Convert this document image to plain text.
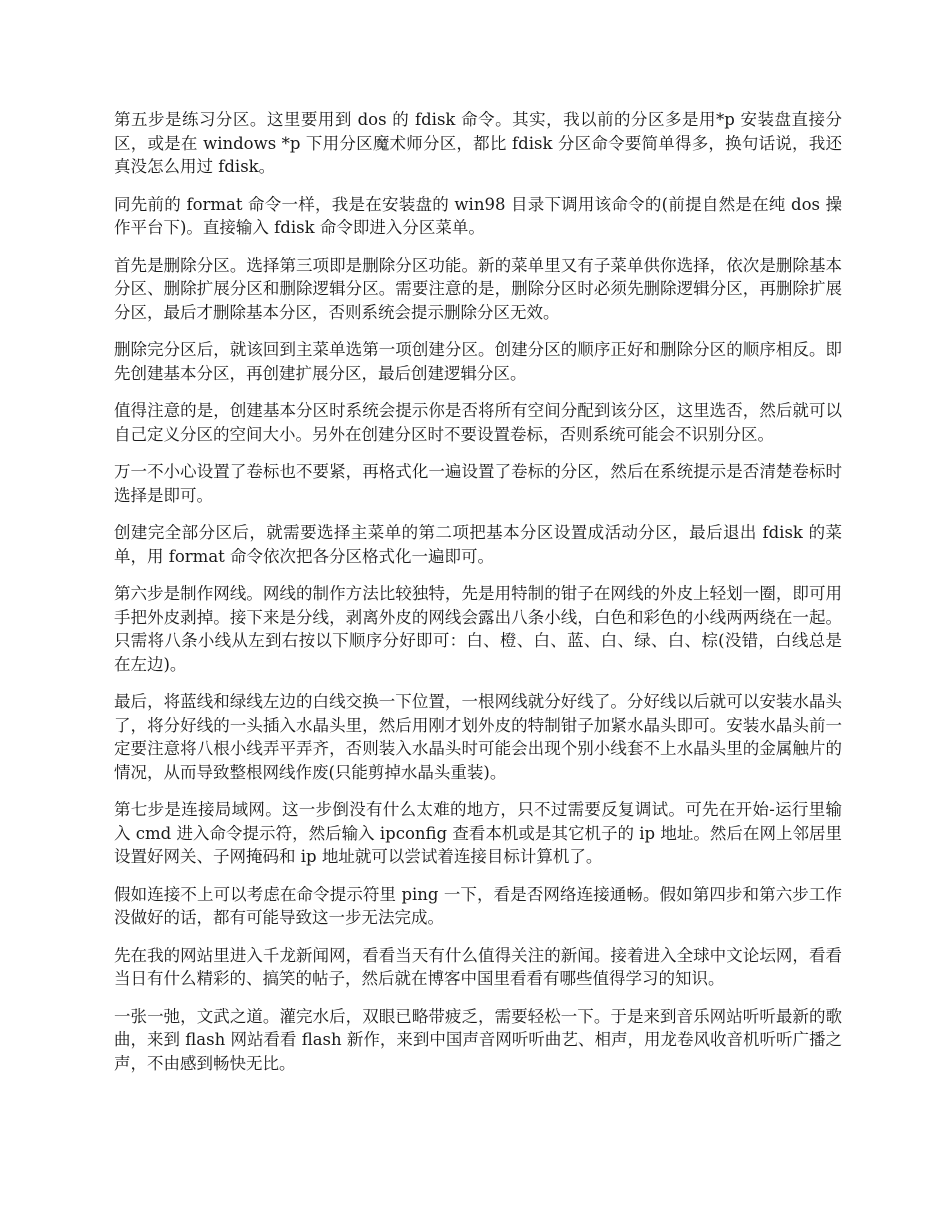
第五步是练习分区。这里要用到 dos 的 fdisk 命令。其实，我以前的分区多是用*p 安装盘直接分区，或是在 windows *p 下用分区魔术师分区，都比 fdisk 分区命令要简单得多，换句话说，我还真没怎么用过 fdisk。

同先前的 format 命令一样，我是在安装盘的 win98 目录下调用该命令的(前提自然是在纯 dos 操作平台下)。直接输入 fdisk 命令即进入分区菜单。

首先是删除分区。选择第三项即是删除分区功能。新的菜单里又有子菜单供你选择，依次是删除基本分区、删除扩展分区和删除逻辑分区。需要注意的是，删除分区时必须先删除逻辑分区，再删除扩展分区，最后才删除基本分区，否则系统会提示删除分区无效。

删除完分区后，就该回到主菜单选第一项创建分区。创建分区的顺序正好和删除分区的顺序相反。即先创建基本分区，再创建扩展分区，最后创建逻辑分区。

值得注意的是，创建基本分区时系统会提示你是否将所有空间分配到该分区，这里选否，然后就可以自己定义分区的空间大小。另外在创建分区时不要设置卷标，否则系统可能会不识别分区。

万一不小心设置了卷标也不要紧，再格式化一遍设置了卷标的分区，然后在系统提示是否清楚卷标时选择是即可。

创建完全部分区后，就需要选择主菜单的第二项把基本分区设置成活动分区，最后退出 fdisk 的菜单，用 format 命令依次把各分区格式化一遍即可。

第六步是制作网线。网线的制作方法比较独特，先是用特制的钳子在网线的外皮上轻划一圈，即可用手把外皮剥掉。接下来是分线，剥离外皮的网线会露出八条小线，白色和彩色的小线两两绕在一起。只需将八条小线从左到右按以下顺序分好即可：白、橙、白、蓝、白、绿、白、棕(没错，白线总是在左边)。

最后，将蓝线和绿线左边的白线交换一下位置，一根网线就分好线了。分好线以后就可以安装水晶头了，将分好线的一头插入水晶头里，然后用刚才划外皮的特制钳子加紧水晶头即可。安装水晶头前一定要注意将八根小线弄平弄齐，否则装入水晶头时可能会出现个别小线套不上水晶头里的金属触片的情况，从而导致整根网线作废(只能剪掉水晶头重装)。

第七步是连接局域网。这一步倒没有什么太难的地方，只不过需要反复调试。可先在开始-运行里输入 cmd 进入命令提示符，然后输入 ipconfig 查看本机或是其它机子的 ip 地址。然后在网上邻居里设置好网关、子网掩码和 ip 地址就可以尝试着连接目标计算机了。

假如连接不上可以考虑在命令提示符里 ping 一下，看是否网络连接通畅。假如第四步和第六步工作没做好的话，都有可能导致这一步无法完成。

先在我的网站里进入千龙新闻网，看看当天有什么值得关注的新闻。接着进入全球中文论坛网，看看当日有什么精彩的、搞笑的帖子，然后就在博客中国里看看有哪些值得学习的知识。

一张一弛，文武之道。灌完水后，双眼已略带疲乏，需要轻松一下。于是来到音乐网站听听最新的歌曲，来到 flash 网站看看 flash 新作，来到中国声音网听听曲艺、相声，用龙卷风收音机听听广播之声，不由感到畅快无比。
